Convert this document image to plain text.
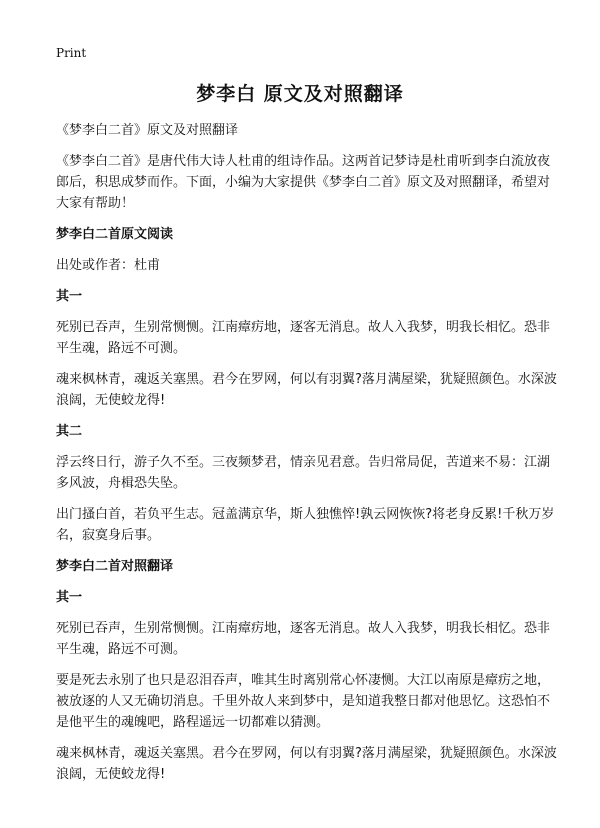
Print
梦李白 原文及对照翻译

《梦李白二首》原文及对照翻译

《梦李白二首》是唐代伟大诗人杜甫的组诗作品。这两首记梦诗是杜甫听到李白流放夜郎后，积思成梦而作。下面，小编为大家提供《梦李白二首》原文及对照翻译，希望对大家有帮助！

梦李白二首原文阅读

出处或作者：杜甫

其一

死别已吞声，生别常恻恻。江南瘴疠地，逐客无消息。故人入我梦，明我长相忆。恐非平生魂，路远不可测。

魂来枫林青，魂返关塞黑。君今在罗网，何以有羽翼?落月满屋梁，犹疑照颜色。水深波浪阔，无使蛟龙得!

其二

浮云终日行，游子久不至。三夜频梦君，情亲见君意。告归常局促，苦道来不易：江湖多风波，舟楫恐失坠。

出门搔白首，若负平生志。冠盖满京华，斯人独憔悴!孰云网恢恢?将老身反累!千秋万岁名，寂寞身后事。

梦李白二首对照翻译

其一

死别已吞声，生别常恻恻。江南瘴疠地，逐客无消息。故人入我梦，明我长相忆。恐非平生魂，路远不可测。

要是死去永别了也只是忍泪吞声，唯其生时离别常心怀凄恻。大江以南原是瘴疠之地，被放逐的人又无确切消息。千里外故人来到梦中，是知道我整日都对他思忆。这恐怕不是他平生的魂魄吧，路程遥远一切都难以猜测。

魂来枫林青，魂返关塞黑。君今在罗网，何以有羽翼?落月满屋梁，犹疑照颜色。水深波浪阔，无使蛟龙得!
